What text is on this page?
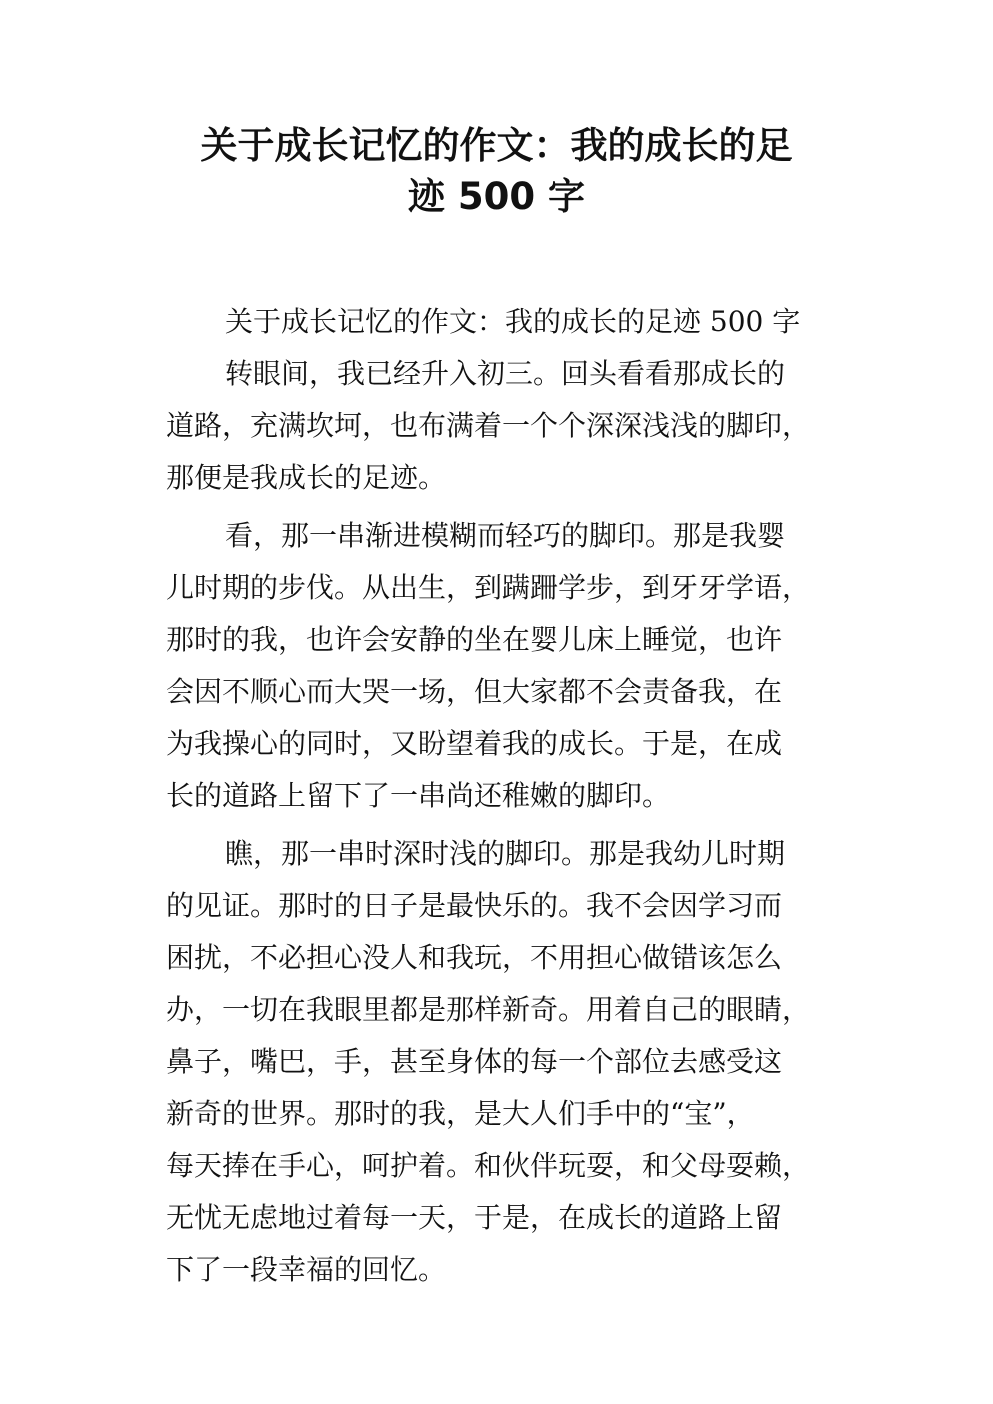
关于成长记忆的作文：我的成长的足
迹 500 字
关于成长记忆的作文：我的成长的足迹 500 字
转眼间，我已经升入初三。回头看看那成长的
道路，充满坎坷，也布满着一个个深深浅浅的脚印，
那便是我成长的足迹。
看，那一串渐进模糊而轻巧的脚印。那是我婴
儿时期的步伐。从出生，到蹒跚学步，到牙牙学语，
那时的我，也许会安静的坐在婴儿床上睡觉，也许
会因不顺心而大哭一场，但大家都不会责备我，在
为我操心的同时，又盼望着我的成长。于是，在成
长的道路上留下了一串尚还稚嫩的脚印。
瞧，那一串时深时浅的脚印。那是我幼儿时期
的见证。那时的日子是最快乐的。我不会因学习而
困扰，不必担心没人和我玩，不用担心做错该怎么
办，一切在我眼里都是那样新奇。用着自己的眼睛，
鼻子，嘴巴，手，甚至身体的每一个部位去感受这
新奇的世界。那时的我，是大人们手中的“宝”，
每天捧在手心，呵护着。和伙伴玩耍，和父母耍赖，
无忧无虑地过着每一天，于是，在成长的道路上留
下了一段幸福的回忆。
